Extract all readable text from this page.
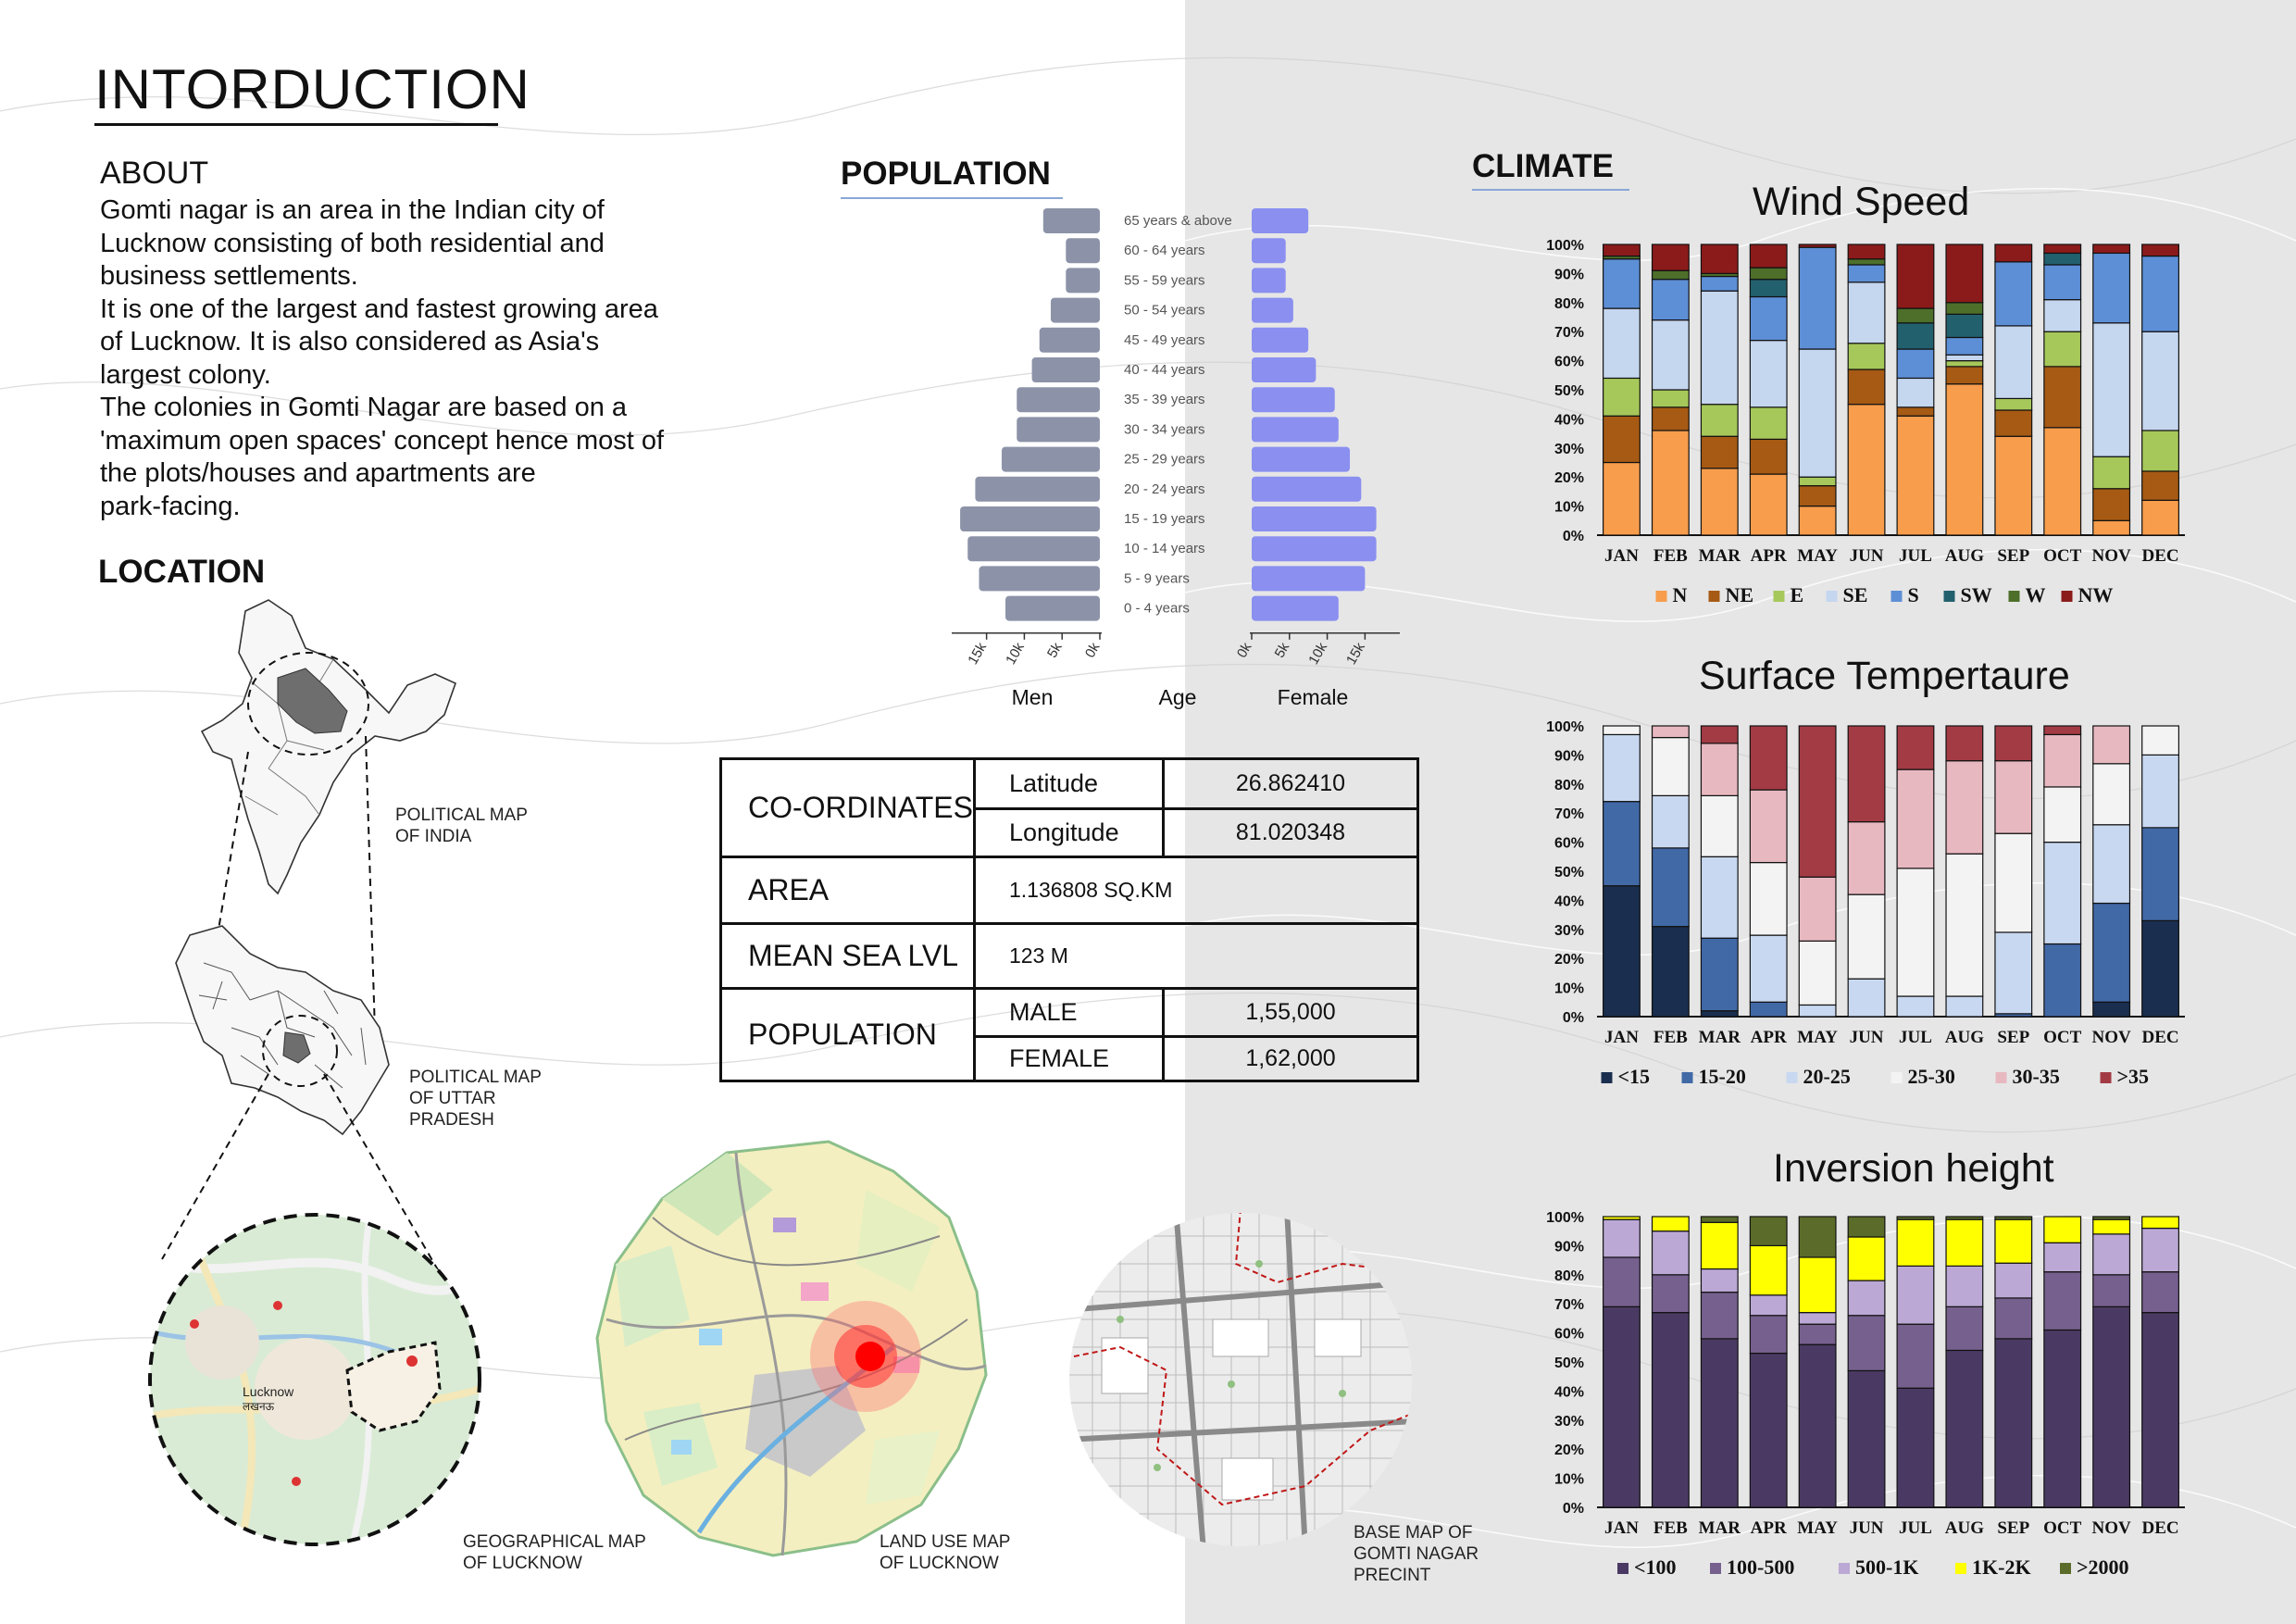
INTORDUCTION
ABOUT
Gomti nagar is an area in the Indian city of
Lucknow consisting of both residential and
business settlements.
It is one of the largest and fastest growing area
of Lucknow. It is also considered as Asia's
largest colony.
The colonies in Gomti Nagar are based on a
'maximum open spaces' concept hence most of
the plots/houses and apartments are
park-facing.
LOCATION
Lucknow
लखनऊ
POLITICAL MAP
OF INDIA
POLITICAL MAP
OF UTTAR
PRADESH
GEOGRAPHICAL MAP
OF LUCKNOW
LAND USE MAP
OF LUCKNOW
BASE MAP OF
GOMTI NAGAR
PRECINT
POPULATION
65 years & above
60 - 64 years
55 - 59 years
50 - 54 years
45 - 49 years
40 - 44 years
35 - 39 years
30 - 34 years
25 - 29 years
20 - 24 years
15 - 19 years
10 - 14 years
5 - 9 years
0 - 4 years
15k 10k 5k 0k	0k 5k 10k 15k
Men	Age	Female
CO-ORDINATES	Latitude	26.862410
	Longitude	81.020348
AREA	1.136808 SQ.KM	
MEAN SEA LVL	123 M	
POPULATION	MALE	1,55,000
	FEMALE	1,62,000
CLIMATE
Wind Speed
0%
10%
20%
30%
40%
50%
60%
70%
80%
90%
100%
JAN FEB MAR APR MAY JUN JUL AUG SEP OCT NOV DEC
N NE E SE S SW W NW
Surface Tempertaure
0%
10%
20%
30%
40%
50%
60%
70%
80%
90%
100%
JAN FEB MAR APR MAY JUN JUL AUG SEP OCT NOV DEC
<15 15-20	20-25	25-30	30-35	>35
Inversion height
0%
10%
20%
30%
40%
50%
60%
70%
80%
90%
100%
JAN FEB MAR APR MAY JUN JUL AUG SEP OCT NOV DEC
<100 100-500	500-1K	1K-2K >2000
